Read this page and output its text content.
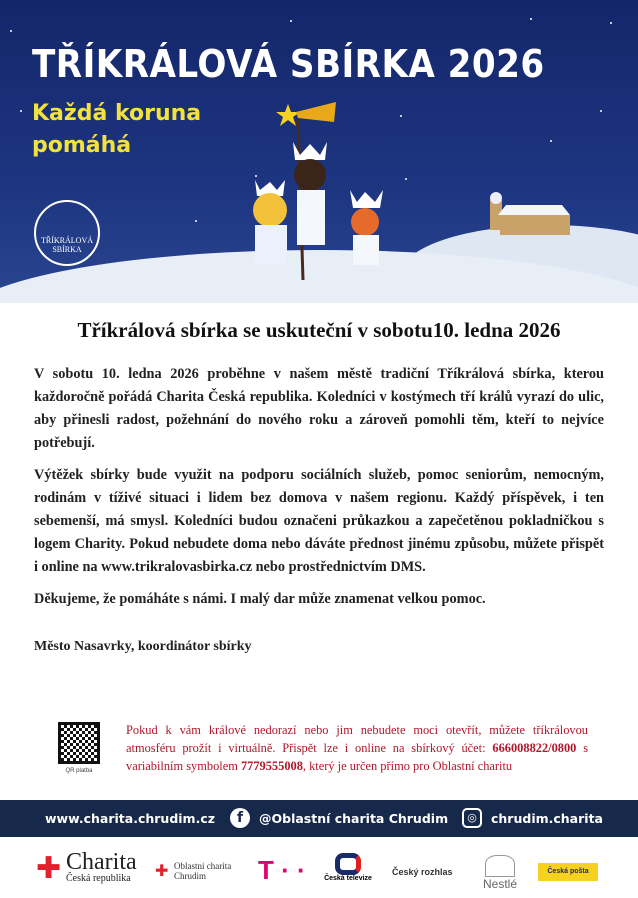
TŘÍKRÁLOVÁ SBÍRKA 2026
Každá koruna pomáhá
TŘÍKRÁLOVÁ SBÍRKA
Tříkrálová sbírka se uskuteční v sobotu10. ledna 2026

V sobotu 10. ledna 2026 proběhne v našem městě tradiční Tříkrálová sbírka, kterou každoročně pořádá Charita Česká republika. Koledníci v kostýmech tří králů vyrazí do ulic, aby přinesli radost, požehnání do nového roku a zároveň pomohli těm, kteří to nejvíce potřebují.

Výtěžek sbírky bude využit na podporu sociálních služeb, pomoc seniorům, nemocným, rodinám v tíživé situaci i lidem bez domova v našem regionu. Každý příspěvek, i ten sebemenší, má smysl. Koledníci budou označeni průkazkou a zapečetěnou pokladničkou s logem Charity. Pokud nebudete doma nebo dáváte přednost jinému způsobu, můžete přispět i online na www.trikralovasbirka.cz nebo prostřednictvím DMS.

Děkujeme, že pomáháte s námi. I malý dar může znamenat velkou pomoc.

Město Nasavrky, koordinátor sbírky
QR platba
Pokud k vám králové nedorazí nebo jim nebudete moci otevřít, můžete tříkrálovou atmosféru prožít i virtuálně. Přispět lze i online na sbírkový účet: 666008822/0800 s variabilním symbolem 7779555008, který je určen přímo pro Oblastní charitu
www.charita.chrudim.cz	f	@Oblastní charita Chrudim	◎	chrudim.charita
✚ Charita
Česká republika	✚ Oblastní charita Chrudim	T · ·	Česká televize
Český rozhlas
Nestlé
Česká pošta
